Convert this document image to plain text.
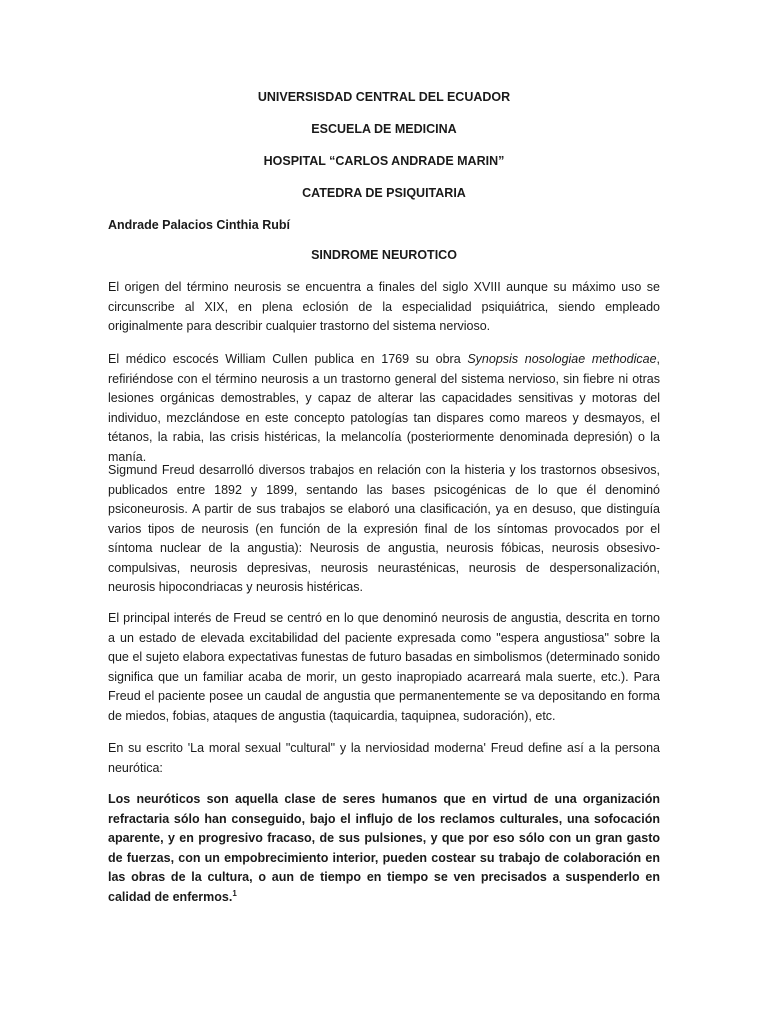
UNIVERSISDAD CENTRAL DEL ECUADOR

ESCUELA DE MEDICINA

HOSPITAL “CARLOS ANDRADE MARIN”

CATEDRA DE PSIQUITARIA

Andrade Palacios Cinthia Rubí

SINDROME NEUROTICO

El origen del término neurosis se encuentra a finales del siglo XVIII aunque su máximo uso se circunscribe al XIX, en plena eclosión de la especialidad psiquiátrica, siendo empleado originalmente para describir cualquier trastorno del sistema nervioso.

El médico escocés William Cullen publica en 1769 su obra Synopsis nosologiae methodicae, refiriéndose con el término neurosis a un trastorno general del sistema nervioso, sin fiebre ni otras lesiones orgánicas demostrables, y capaz de alterar las capacidades sensitivas y motoras del individuo, mezclándose en este concepto patologías tan dispares como mareos y desmayos, el tétanos, la rabia, las crisis histéricas, la melancolía (posteriormente denominada depresión) o la manía.

Sigmund Freud desarrolló diversos trabajos en relación con la histeria y los trastornos obsesivos, publicados entre 1892 y 1899, sentando las bases psicogénicas de lo que él denominó psiconeurosis. A partir de sus trabajos se elaboró una clasificación, ya en desuso, que distinguía varios tipos de neurosis (en función de la expresión final de los síntomas provocados por el síntoma nuclear de la angustia): Neurosis de angustia, neurosis fóbicas, neurosis obsesivo-compulsivas, neurosis depresivas, neurosis neurasténicas, neurosis de despersonalización, neurosis hipocondriacas y neurosis histéricas.

El principal interés de Freud se centró en lo que denominó neurosis de angustia, descrita en torno a un estado de elevada excitabilidad del paciente expresada como "espera angustiosa" sobre la que el sujeto elabora expectativas funestas de futuro basadas en simbolismos (determinado sonido significa que un familiar acaba de morir, un gesto inapropiado acarreará mala suerte, etc.). Para Freud el paciente posee un caudal de angustia que permanentemente se va depositando en forma de miedos, fobias, ataques de angustia (taquicardia, taquipnea, sudoración), etc.

En su escrito 'La moral sexual "cultural" y la nerviosidad moderna' Freud define así a la persona neurótica:

Los neuróticos son aquella clase de seres humanos que en virtud de una organización refractaria sólo han conseguido, bajo el influjo de los reclamos culturales, una sofocación aparente, y en progresivo fracaso, de sus pulsiones, y que por eso sólo con un gran gasto de fuerzas, con un empobrecimiento interior, pueden costear su trabajo de colaboración en las obras de la cultura, o aun de tiempo en tiempo se ven precisados a suspenderlo en calidad de enfermos.$^1$
